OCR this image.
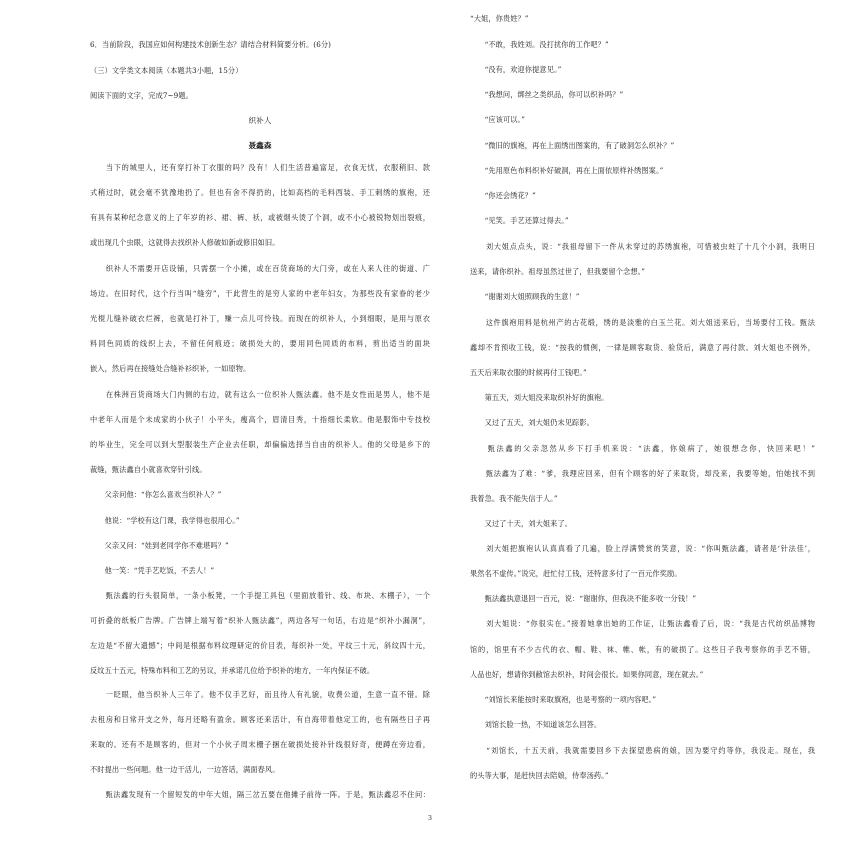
6．当前阶段，我国应如何构建技术创新生态？请结合材料简要分析。(6分)
（三）文学类文本阅读（本题共3小题，15分）
阅读下面的文字，完成7~9题。
织补人
聂鑫森
　　当下的城里人，还有穿打补丁衣服的吗？没有！人们生活普遍富足，衣食无忧，衣服稍旧、款
式稍过时，就会毫不犹豫地扔了。但也有舍不得扔的，比如高档的毛料西装、手工刺绣的旗袍，还
有具有某种纪念意义的上了年岁的衫、裙、裤、袄，或被烟头烫了个洞，或不小心被锐物划出裂痕，
或出现几个虫眼，这就得去找织补人修破如新或修旧如旧。
　　织补人不需要开店设铺，只需摆一个小摊，或在百货商场的大门旁，或在人来人往的街道、广
场边。在旧时代，这个行当叫“缝穷”，干此营生的是穷人家的中老年妇女，为那些没有家眷的老少
光棍儿缝补破衣烂裤，也就是打补丁，赚一点儿可怜钱。而现在的织补人，小到细眼，是用与原衣
料同色同质的线织上去，不留任何痕迹；破损处大的，要用同色同质的布料，剪出适当的面块
嵌入，然后再在接缝处合缝补衫织补，一如原物。
　　在株洲百货商场大门内侧的右边，就有这么一位织补人甄法鑫。他不是女性而是男人，他不是
中老年人而是个未成家的小伙子！小平头，瘦高个，眉清目秀，十指细长柔软。他是服饰中专技校
的毕业生，完全可以到大型服装生产企业去任职，却偏偏选择当自由的织补人。他的父母是乡下的
裁缝，甄法鑫自小就喜欢穿针引线。
　　父亲问他：“你怎么喜欢当织补人？”
　　他说：“学校有这门课，我学得也很用心。”
　　父亲又问：“娃到老同学你不难堪吗？”
　　他一笑：“凭手艺吃饭，不丢人！”
　　甄法鑫的行头很简单，一条小板凳，一个手提工具包（里面放着针、线、布块、木棚子），一个
可折叠的纸板广告牌。广告牌上端写着“织补人甄法鑫”，两边各写一句话，右边是“织补小漏洞”，
左边是“不留大遗憾”；中间是根据布料纹理研定的价目表，每织补一处，平纹三十元，斜纹四十元，
反纹五十五元，特殊布料和工艺的另议，并承诺几位给予织补的地方，一年内保证不破。
　　一眨眼，他当织补人三年了。他不仅手艺好，而且待人有礼貌，收费公道，生意一直不错。除
去租房和日常开支之外，每月还略有盈余。顾客还来活计，有自海带着他定工的，也有隔些日子再
来取的。还有不是顾客的，但对一个小伙子周末栅子捆在破损处接补针线很好奇，便蹲在旁边看，
不时提出一些问题。他一边干活儿，一边答话，满面春风。
　　甄法鑫发现有一个留短发的中年大姐，隔三岔五要在他摊子前待一阵。于是，甄法鑫忍不住问：
“大姐，你贵姓？”
　　“不敢，我姓刘。没打扰你的工作吧？”
　　“没有，欢迎你提意见。”
　　“我想问，绑丝之类织品，你可以织补吗？”
　　“应该可以。”
　　“微旧的旗袍，再在上面绣出图案的，有了破洞怎么织补？”
　　“先用原色布料织补好破洞，再在上面依原样补绣图案。”
　　“你还会绣花？”
　　“见笑。手艺还算过得去。”
　　刘大姐点点头，说：“我祖母留下一件从未穿过的苏绣旗袍，可惜被虫蛀了十几个小洞，我明日
送来，请你织补。祖母虽然过世了，但我要留个念想。”
　　“谢谢刘大姐照顾我的生意！”
　　这件旗袍用料是杭州产的古花缎，绣的是淡雅的白玉兰花。刘大姐送来后，当场要付工钱。甄法
鑫却不肯预收工钱，说：“按我的惯例，一律是顾客取货、验货后，满意了再付款。刘大姐也不例外，
五天后来取衣服的时候再付工钱吧。”
　　第五天，刘大姐没来取织补好的旗袍。
　　又过了五天，刘大姐仍未见踪影。
　　甄法鑫的父亲忽然从乡下打手机来说：“法鑫，你娘病了，她很想念你，快回来吧！”
　　甄法鑫为了难：“爹，我理应回来，但有个顾客的好了来取货，却没来，我要等她，怕她找不到
我着急。我不能失信于人。”
　　又过了十天，刘大姐来了。
　　刘大姐把旗袍认认真真看了几遍，脸上浮满赞赏的笑意，说：“你叫甄法鑫，请者是‘针法佳’，
果然名不虚传。”说完，赶忙付工钱，还特意多付了一百元作奖励。
　　甄法鑫执意退回一百元，说：“谢谢你，但我决不能多收一分钱！”
　　刘大姐说：“你很实在。”接着她拿出她的工作证，让甄法鑫看了后，说：“我是古代纺织品博物
馆的，馆里有不少古代的衣、帽、鞋、袜、帷、帐，有的破损了。这些日子我考察你的手艺不错，
人品也好，想请你到敝馆去织补，时间会很长。如果你同意，现在就去。”
　　“刘馆长来能按时来取旗袍，也是考察的一项内容吧。”
　　刘馆长脸一热，不知道该怎么回答。
　　“刘馆长，十五天前，我就需要回乡下去探望患病的娘，因为要守约等你，我没走。现在，我
的头等大事，是赶快回去陪娘，侍奉汤药。”
3
